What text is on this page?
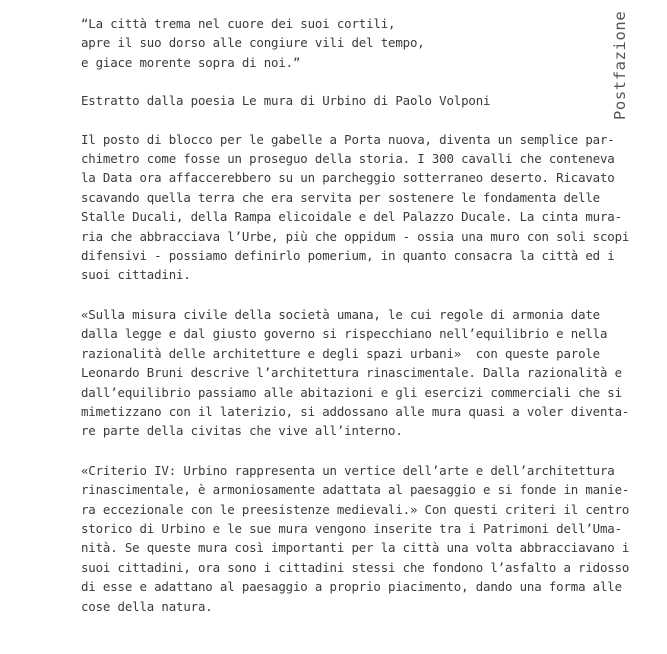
Postfazione
“La città trema nel cuore dei suoi cortili,
apre il suo dorso alle congiure vili del tempo,
e giace morente sopra di noi.”
Estratto dalla poesia Le mura di Urbino di Paolo Volponi
Il posto di blocco per le gabelle a Porta nuova, diventa un semplice par-
chimetro come fosse un proseguo della storia. I 300 cavalli che conteneva
la Data ora affaccerebbero su un parcheggio sotterraneo deserto. Ricavato
scavando quella terra che era servita per sostenere le fondamenta delle
Stalle Ducali, della Rampa elicoidale e del Palazzo Ducale. La cinta mura-
ria che abbracciava l’Urbe, più che oppidum - ossia una muro con soli scopi
difensivi - possiamo definirlo pomerium, in quanto consacra la città ed i
suoi cittadini.
«Sulla misura civile della società umana, le cui regole di armonia date
dalla legge e dal giusto governo si rispecchiano nell’equilibrio e nella
razionalità delle architetture e degli spazi urbani»  con queste parole
Leonardo Bruni descrive l’architettura rinascimentale. Dalla razionalità e
dall’equilibrio passiamo alle abitazioni e gli esercizi commerciali che si
mimetizzano con il laterizio, si addossano alle mura quasi a voler diventa-
re parte della civitas che vive all’interno.
«Criterio IV: Urbino rappresenta un vertice dell’arte e dell’architettura
rinascimentale, è armoniosamente adattata al paesaggio e si fonde in manie-
ra eccezionale con le preesistenze medievali.» Con questi criteri il centro
storico di Urbino e le sue mura vengono inserite tra i Patrimoni dell’Uma-
nità. Se queste mura così importanti per la città una volta abbracciavano i
suoi cittadini, ora sono i cittadini stessi che fondono l’asfalto a ridosso
di esse e adattano al paesaggio a proprio piacimento, dando una forma alle
cose della natura.
